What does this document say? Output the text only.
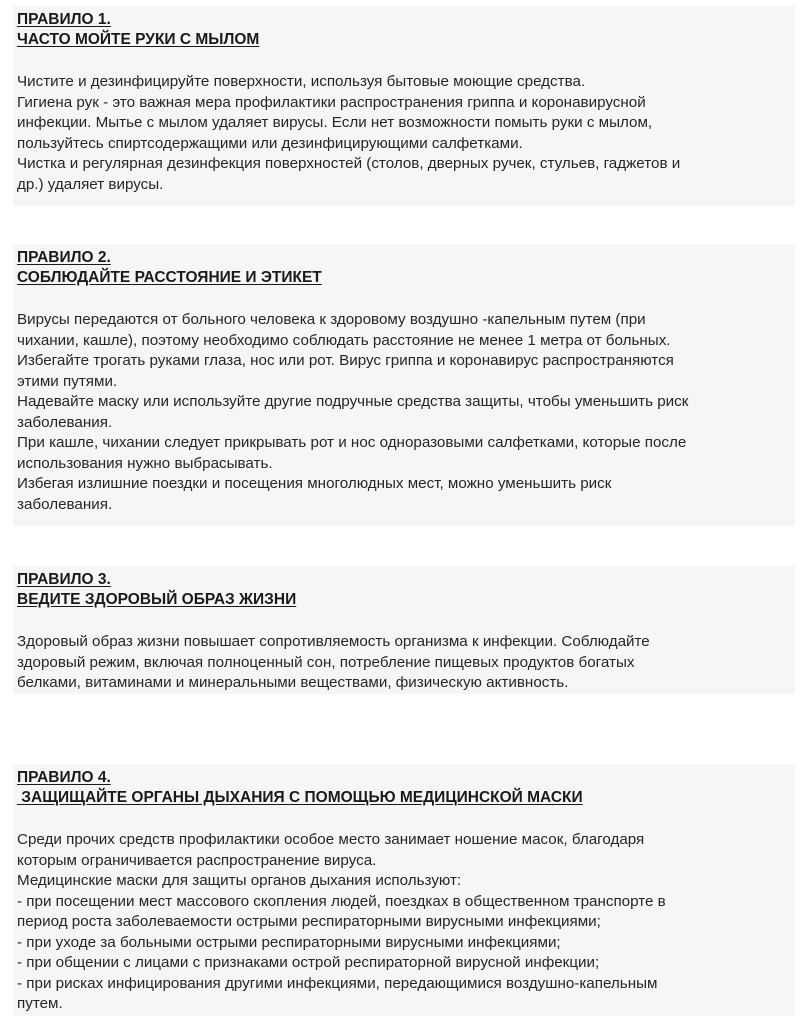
ПРАВИЛО 1.
ЧАСТО МОЙТЕ РУКИ С МЫЛОМ
Чистите и дезинфицируйте поверхности, используя бытовые моющие средства.
Гигиена рук - это важная мера профилактики распространения гриппа и коронавирусной
инфекции. Мытье с мылом удаляет вирусы. Если нет возможности помыть руки с мылом,
пользуйтесь спиртсодержащими или дезинфицирующими салфетками.
Чистка и регулярная дезинфекция поверхностей (столов, дверных ручек, стульев, гаджетов и
др.) удаляет вирусы.
ПРАВИЛО 2.
СОБЛЮДАЙТЕ РАССТОЯНИЕ И ЭТИКЕТ
Вирусы передаются от больного человека к здоровому воздушно -капельным путем (при
чихании, кашле), поэтому необходимо соблюдать расстояние не менее 1 метра от больных.
Избегайте трогать руками глаза, нос или рот. Вирус гриппа и коронавирус распространяются
этими путями.
Надевайте маску или используйте другие подручные средства защиты, чтобы уменьшить риск
заболевания.
При кашле, чихании следует прикрывать рот и нос одноразовыми салфетками, которые после
использования нужно выбрасывать.
Избегая излишние поездки и посещения многолюдных мест, можно уменьшить риск
заболевания.
ПРАВИЛО 3.
ВЕДИТЕ ЗДОРОВЫЙ ОБРАЗ ЖИЗНИ
Здоровый образ жизни повышает сопротивляемость организма к инфекции. Соблюдайте
здоровый режим, включая полноценный сон, потребление пищевых продуктов богатых
белками, витаминами и минеральными веществами, физическую активность.
ПРАВИЛО 4.
ЗАЩИЩАЙТЕ ОРГАНЫ ДЫХАНИЯ С ПОМОЩЬЮ МЕДИЦИНСКОЙ МАСКИ
Среди прочих средств профилактики особое место занимает ношение масок, благодаря
которым ограничивается распространение вируса.
Медицинские маски для защиты органов дыхания используют:
- при посещении мест массового скопления людей, поездках в общественном транспорте в
период роста заболеваемости острыми респираторными вирусными инфекциями;
- при уходе за больными острыми респираторными вирусными инфекциями;
- при общении с лицами с признаками острой респираторной вирусной инфекции;
- при рисках инфицирования другими инфекциями, передающимися воздушно-капельным
путем.
